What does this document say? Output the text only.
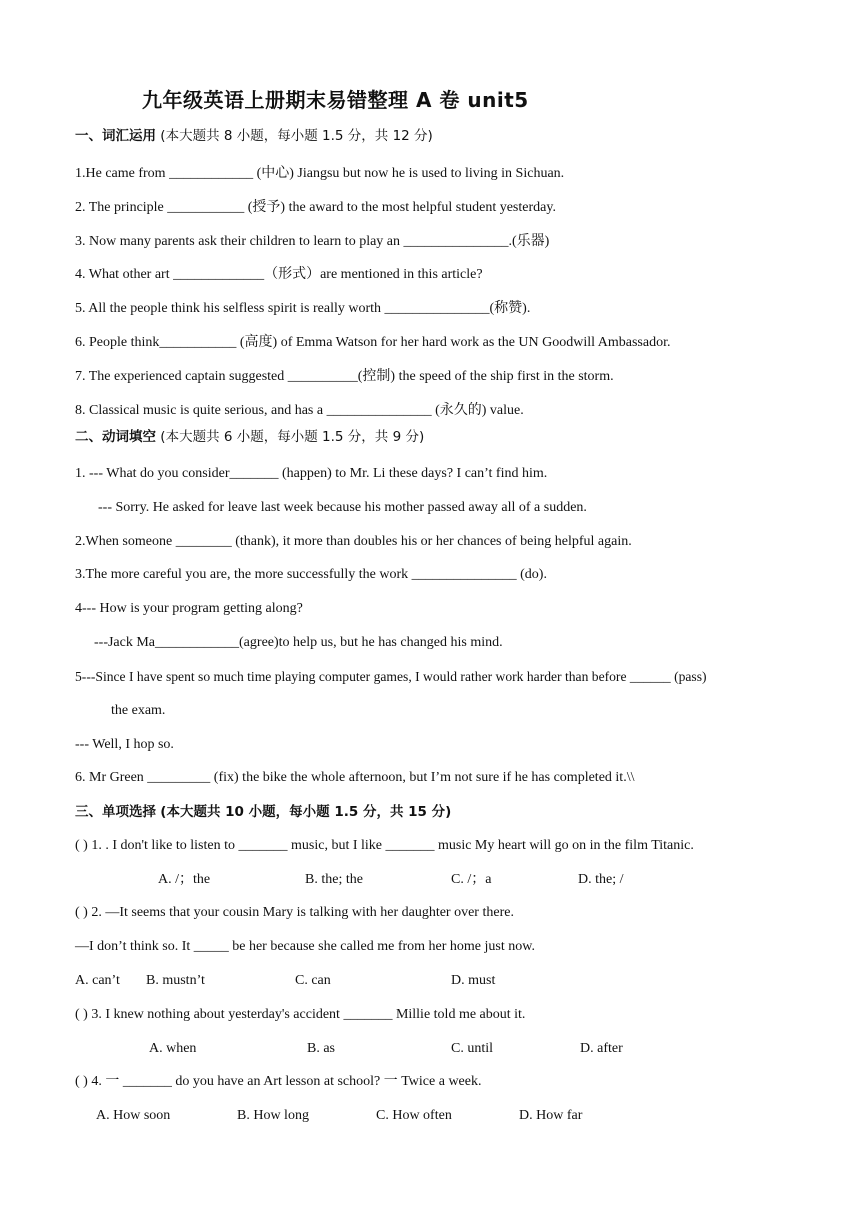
九年级英语上册期末易错整理 A 卷 unit5
一、词汇运用 (本大题共 8 小题，每小题 1.5 分，共 12 分)
1.He came from ____________ (中心) Jiangsu but now he is used to living in Sichuan.
2. The principle ___________ (授予) the award to the most helpful student yesterday.
3. Now many parents ask their children to learn to play an _______________.(乐器)
4. What other art _____________（形式）are mentioned in this article?
5. All the people think his selfless spirit is really worth _______________(称赞).
6. People think___________ (高度) of Emma Watson for her hard work as the UN Goodwill Ambassador.
7. The experienced captain suggested __________(控制) the speed of the ship first in the storm.
8. Classical music is quite serious, and has a _______________ (永久的) value.
二、动词填空 (本大题共 6 小题，每小题 1.5 分，共 9 分)
1. --- What do you consider_______ (happen) to Mr. Li these days? I can’t find him.
--- Sorry. He asked for leave last week because his mother passed away all of a sudden.
2.When someone ________ (thank), it more than doubles his or her chances of being helpful again.
3.The more careful you are, the more successfully the work _______________ (do).
4--- How is your program getting along?
---Jack Ma____________(agree)to help us, but he has changed his mind.
5---Since I have spent so much time playing computer games, I would rather work harder than before ______ (pass)
the exam.
--- Well, I hop so.
6. Mr Green _________ (fix) the bike the whole afternoon, but I’m not sure if he has completed it.\\
三、单项选择 (本大题共 10 小题，每小题 1.5 分，共 15 分)
( ) 1. . I don't like to listen to _______ music, but I like _______ music My heart will go on in the film Titanic.
A. /；the	B. the; the	C. /；a	D. the; /
( ) 2. —It seems that your cousin Mary is talking with her daughter over there.
—I don’t think so. It _____ be her because she called me from her home just now.
A. can’t B. mustn’t	C. can	D. must
( ) 3. I knew nothing about yesterday's accident _______ Millie told me about it.
A. when	B. as	C. until	D. after
( ) 4. 一 _______ do you have an Art lesson at school? 一 Twice a week.
A. How soon	B. How long	C. How often	D. How far
